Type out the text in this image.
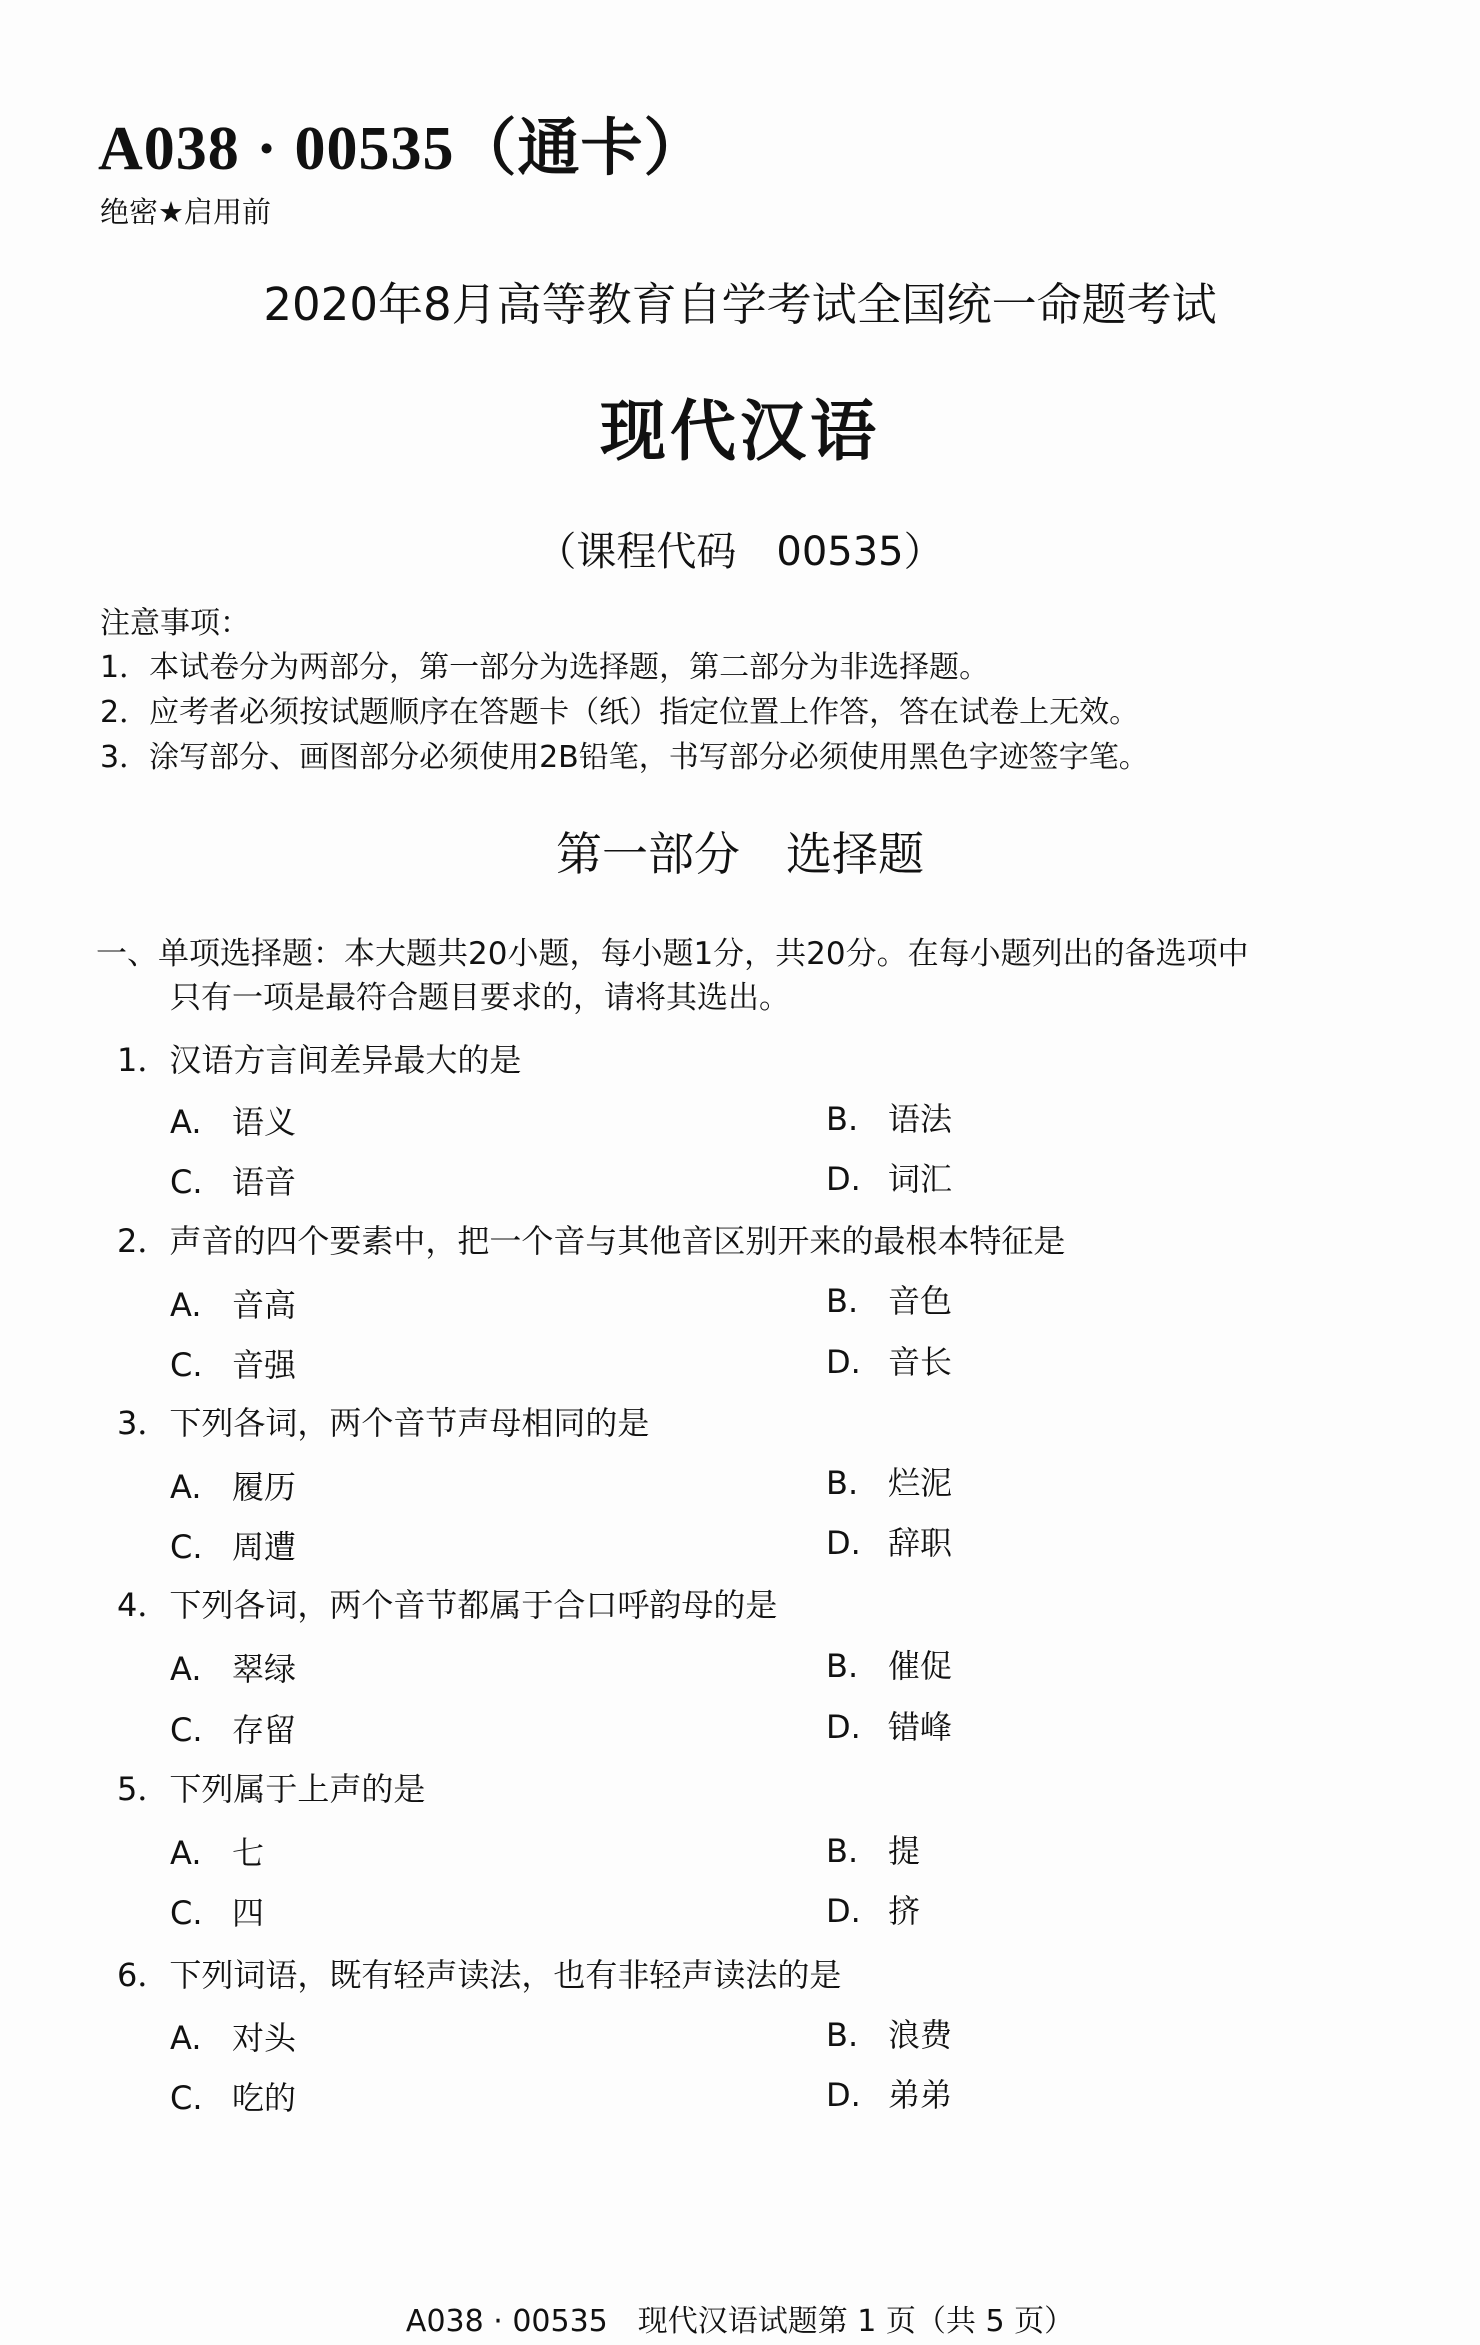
A038 · 00535（通卡）
绝密★启用前
2020年8月高等教育自学考试全国统一命题考试
现代汉语
（课程代码　00535）
注意事项：
1．本试卷分为两部分，第一部分为选择题，第二部分为非选择题。
2．应考者必须按试题顺序在答题卡（纸）指定位置上作答，答在试卷上无效。
3．涂写部分、画图部分必须使用2B铅笔，书写部分必须使用黑色字迹签字笔。
第一部分　选择题
一、单项选择题：本大题共20小题，每小题1分，共20分。在每小题列出的备选项中
只有一项是最符合题目要求的，请将其选出。
1．汉语方言间差异最大的是
A. 语义	B. 语法
C. 语音	D. 词汇
2．声音的四个要素中，把一个音与其他音区别开来的最根本特征是
A. 音高	B. 音色
C. 音强	D. 音长
3．下列各词，两个音节声母相同的是
A. 履历	B. 烂泥
C. 周遭	D. 辞职
4．下列各词，两个音节都属于合口呼韵母的是
A. 翠绿	B. 催促
C. 存留	D. 错峰
5．下列属于上声的是
A. 七	B. 提
C. 四	D. 挤
6．下列词语，既有轻声读法，也有非轻声读法的是
A. 对头	B. 浪费
C. 吃的	D. 弟弟
A038 · 00535　现代汉语试题第 1 页（共 5 页）
